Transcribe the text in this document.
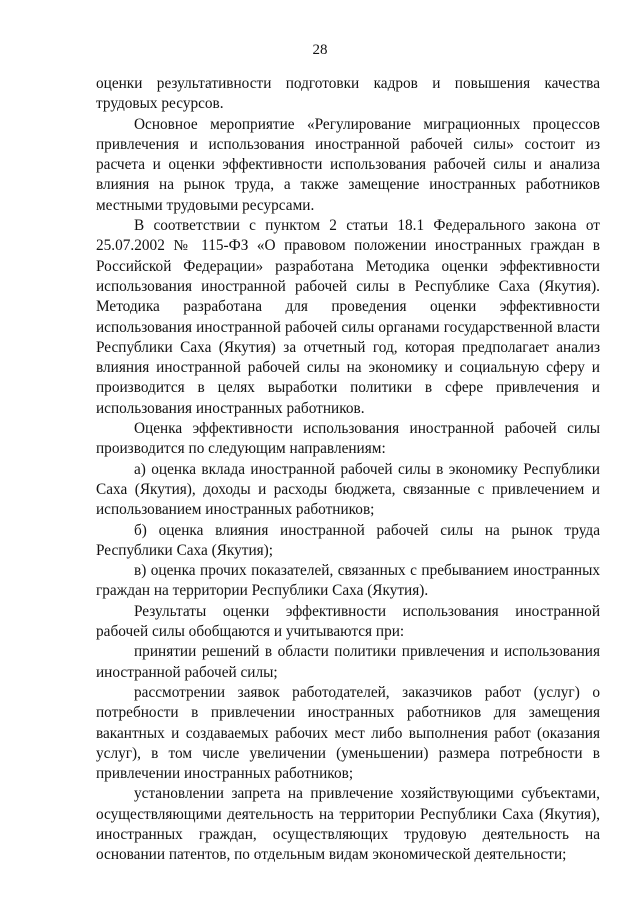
28

оценки результативности подготовки кадров и повышения качества трудовых ресурсов.

Основное мероприятие «Регулирование миграционных процессов привлечения и использования иностранной рабочей силы» состоит из расчета и оценки эффективности использования рабочей силы и анализа влияния на рынок труда, а также замещение иностранных работников местными трудовыми ресурсами.

В соответствии с пунктом 2 статьи 18.1 Федерального закона от 25.07.2002 № 115-ФЗ «О правовом положении иностранных граждан в Российской Федерации» разработана Методика оценки эффективности использования иностранной рабочей силы в Республике Саха (Якутия). Методика разработана для проведения оценки эффективности использования иностранной рабочей силы органами государственной власти Республики Саха (Якутия) за отчетный год, которая предполагает анализ влияния иностранной рабочей силы на экономику и социальную сферу и производится в целях выработки политики в сфере привлечения и использования иностранных работников.

Оценка эффективности использования иностранной рабочей силы производится по следующим направлениям:

а) оценка вклада иностранной рабочей силы в экономику Республики Саха (Якутия), доходы и расходы бюджета, связанные с привлечением и использованием иностранных работников;

б) оценка влияния иностранной рабочей силы на рынок труда Республики Саха (Якутия);

в) оценка прочих показателей, связанных с пребыванием иностранных граждан на территории Республики Саха (Якутия).

Результаты оценки эффективности использования иностранной рабочей силы обобщаются и учитываются при:

принятии решений в области политики привлечения и использования иностранной рабочей силы;

рассмотрении заявок работодателей, заказчиков работ (услуг) о потребности в привлечении иностранных работников для замещения вакантных и создаваемых рабочих мест либо выполнения работ (оказания услуг), в том числе увеличении (уменьшении) размера потребности в привлечении иностранных работников;

установлении запрета на привлечение хозяйствующими субъектами, осуществляющими деятельность на территории Республики Саха (Якутия), иностранных граждан, осуществляющих трудовую деятельность на основании патентов, по отдельным видам экономической деятельности;
